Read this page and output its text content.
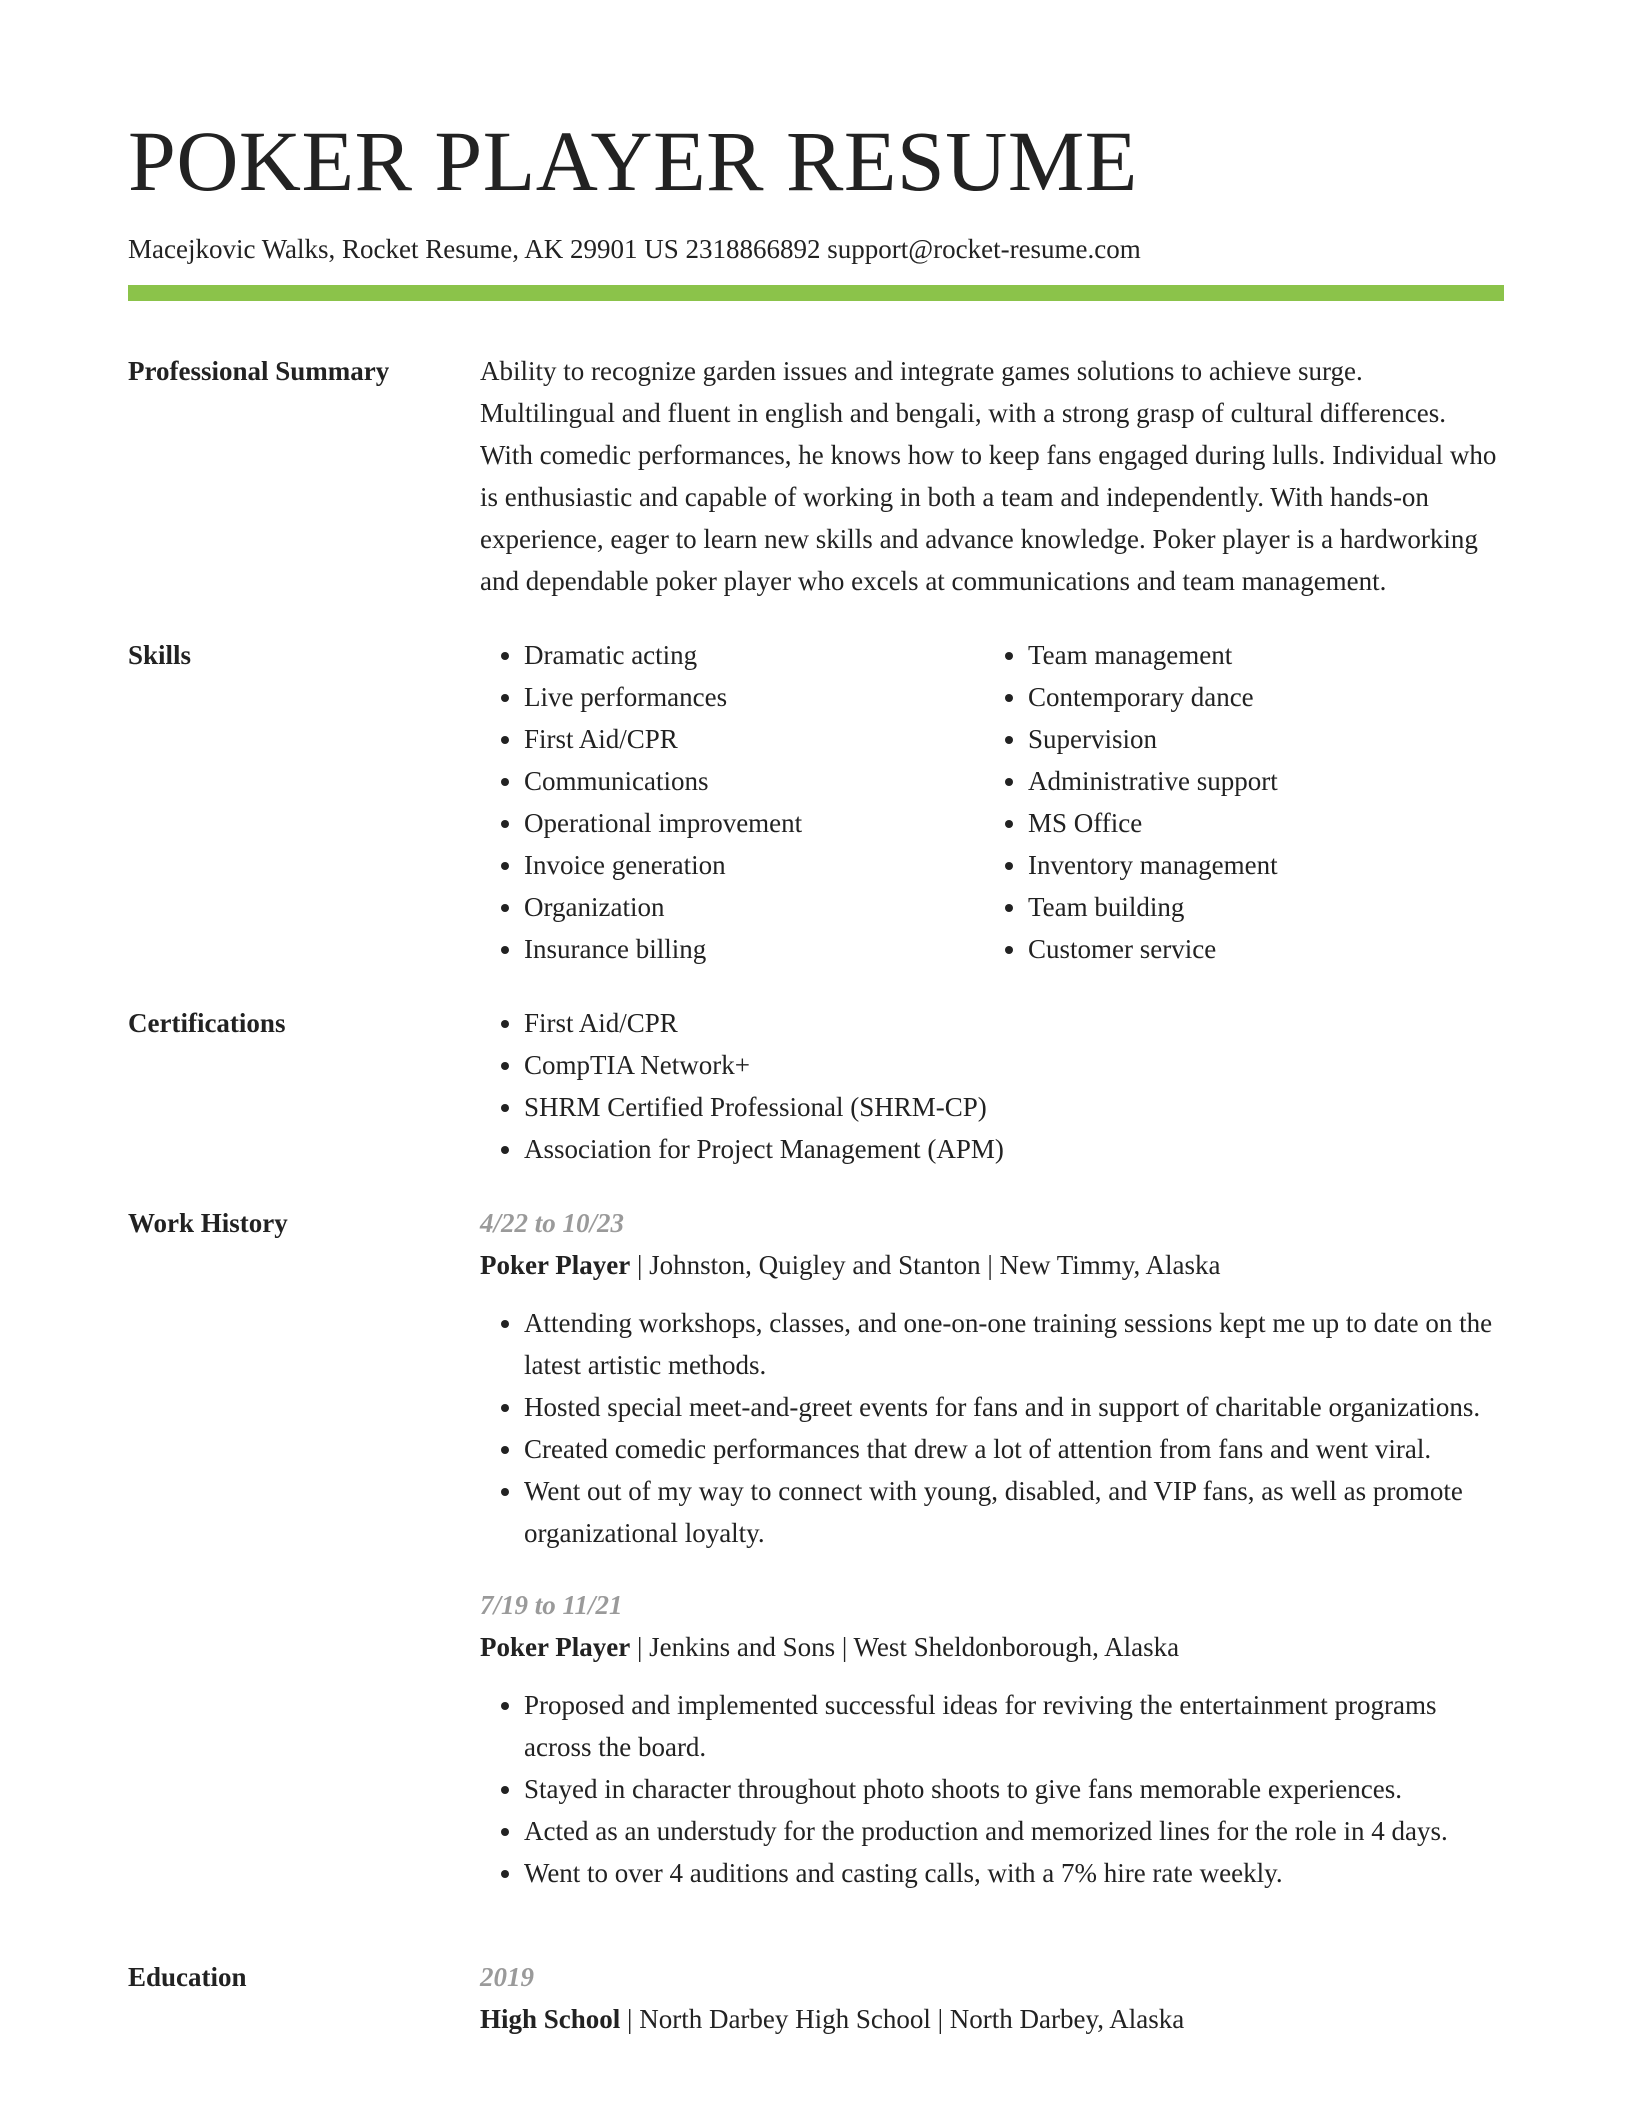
POKER PLAYER RESUME
Macejkovic Walks, Rocket Resume, AK 29901 US 2318866892 support@rocket-resume.com
Professional Summary	Ability to recognize garden issues and integrate games solutions to achieve surge. Multilingual and fluent in english and bengali, with a strong grasp of cultural differences. With comedic performances, he knows how to keep fans engaged during lulls. Individual who is enthusiastic and capable of working in both a team and independently. With hands-on experience, eager to learn new skills and advance knowledge. Poker player is a hardworking and dependable poker player who excels at communications and team management.

Skills	• Dramatic acting
• Live performances
• First Aid/CPR
• Communications
• Operational improvement
• Invoice generation
• Organization
• Insurance billing
• Team management
• Contemporary dance
• Supervision
• Administrative support
• MS Office
• Inventory management
• Team building
• Customer service
Certifications	• First Aid/CPR
• CompTIA Network+
• SHRM Certified Professional (SHRM-CP)
• Association for Project Management (APM)
Work History	4/22 to 10/23
Poker Player | Johnston, Quigley and Stanton | New Timmy, Alaska
• Attending workshops, classes, and one-on-one training sessions kept me up to date on the latest artistic methods.
• Hosted special meet-and-greet events for fans and in support of charitable organizations.
• Created comedic performances that drew a lot of attention from fans and went viral.
• Went out of my way to connect with young, disabled, and VIP fans, as well as promote organizational loyalty.
7/19 to 11/21
Poker Player | Jenkins and Sons | West Sheldonborough, Alaska
• Proposed and implemented successful ideas for reviving the entertainment programs across the board.
• Stayed in character throughout photo shoots to give fans memorable experiences.
• Acted as an understudy for the production and memorized lines for the role in 4 days.
• Went to over 4 auditions and casting calls, with a 7% hire rate weekly.
Education	2019
High School | North Darbey High School | North Darbey, Alaska
